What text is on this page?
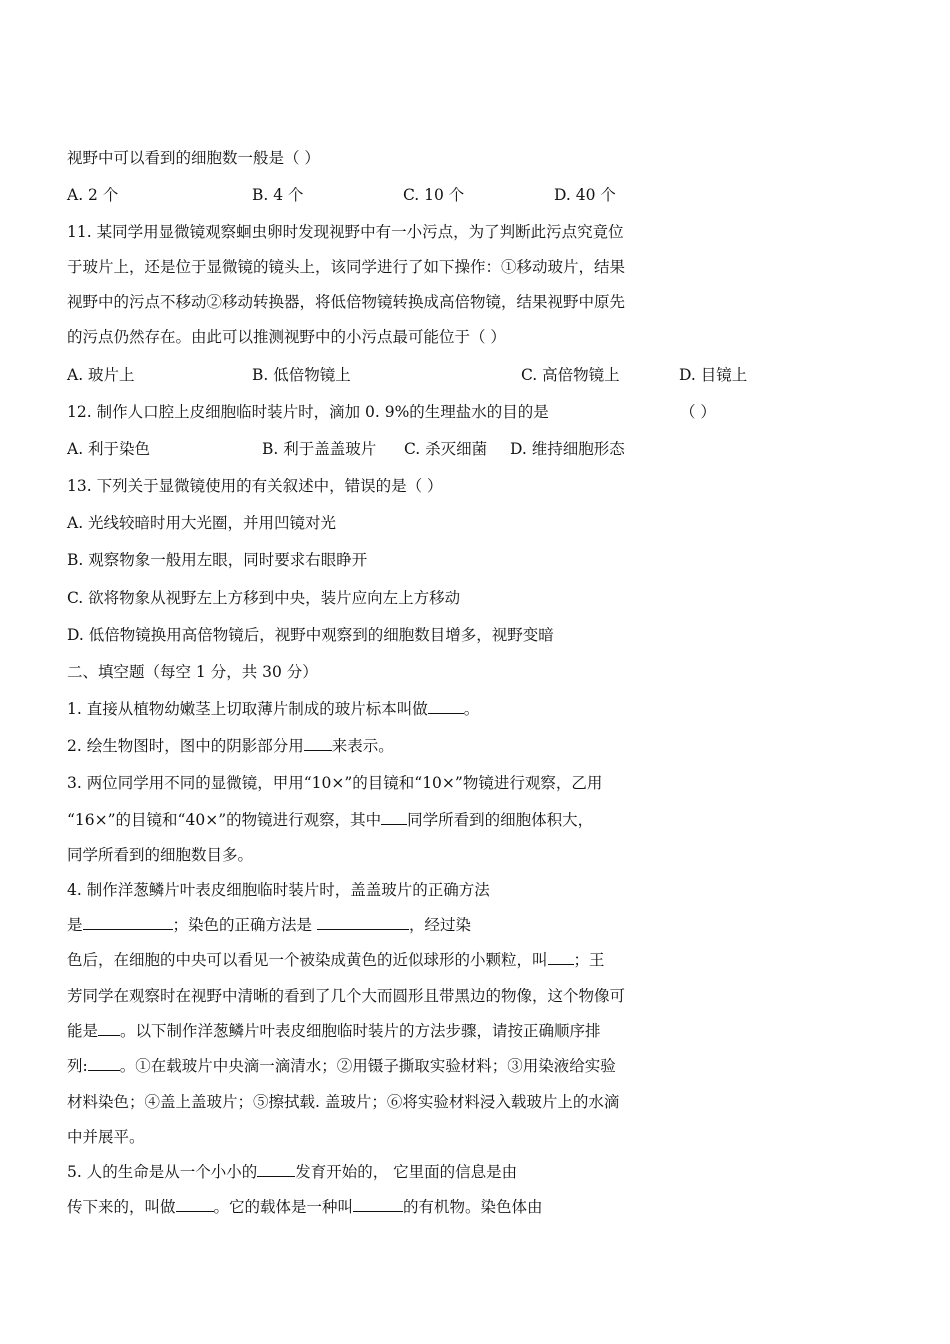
视野中可以看到的细胞数一般是（ ）
A. 2 个	B. 4 个	C. 10 个	D. 40 个
11. 某同学用显微镜观察蛔虫卵时发现视野中有一小污点，为了判断此污点究竟位
于玻片上，还是位于显微镜的镜头上，该同学进行了如下操作：①移动玻片，结果
视野中的污点不移动②移动转换器，将低倍物镜转换成高倍物镜，结果视野中原先
的污点仍然存在。由此可以推测视野中的小污点最可能位于（ ）
A. 玻片上	B. 低倍物镜上	C. 高倍物镜上	D. 目镜上
12. 制作人口腔上皮细胞临时装片时，滴加 0. 9%的生理盐水的目的是	（ ）
A. 利于染色	B. 利于盖盖玻片 C. 杀灭细菌 D. 维持细胞形态
13. 下列关于显微镜使用的有关叙述中，错误的是（ ）
A. 光线较暗时用大光圈，并用凹镜对光
B. 观察物象一般用左眼，同时要求右眼睁开
C. 欲将物象从视野左上方移到中央，装片应向左上方移动
D. 低倍物镜换用高倍物镜后，视野中观察到的细胞数目增多，视野变暗
二、填空题（每空 1 分，共 30 分）
1. 直接从植物幼嫩茎上切取薄片制成的玻片标本叫做 。
2. 绘生物图时，图中的阴影部分用 来表示。
3. 两位同学用不同的显微镜，甲用“10×”的目镜和“10×”物镜进行观察，乙用
“16×”的目镜和“40×”的物镜进行观察，其中 同学所看到的细胞体积大，
同学所看到的细胞数目多。
4. 制作洋葱鳞片叶表皮细胞临时装片时，盖盖玻片的正确方法
是	；染色的正确方法是	，经过染
色后，在细胞的中央可以看见一个被染成黄色的近似球形的小颗粒，叫 ；王
芳同学在观察时在视野中清晰的看到了几个大而圆形且带黑边的物像，这个物像可
能是 。以下制作洋葱鳞片叶表皮细胞临时装片的方法步骤，请按正确顺序排
列: 。①在载玻片中央滴一滴清水；②用镊子撕取实验材料；③用染液给实验
材料染色；④盖上盖玻片；⑤擦拭载. 盖玻片；⑥将实验材料浸入载玻片上的水滴
中并展平。
5. 人的生命是从一个小小的 发育开始的， 它里面的信息是由
传下来的，叫做 。它的载体是一种叫	的有机物。染色体由
